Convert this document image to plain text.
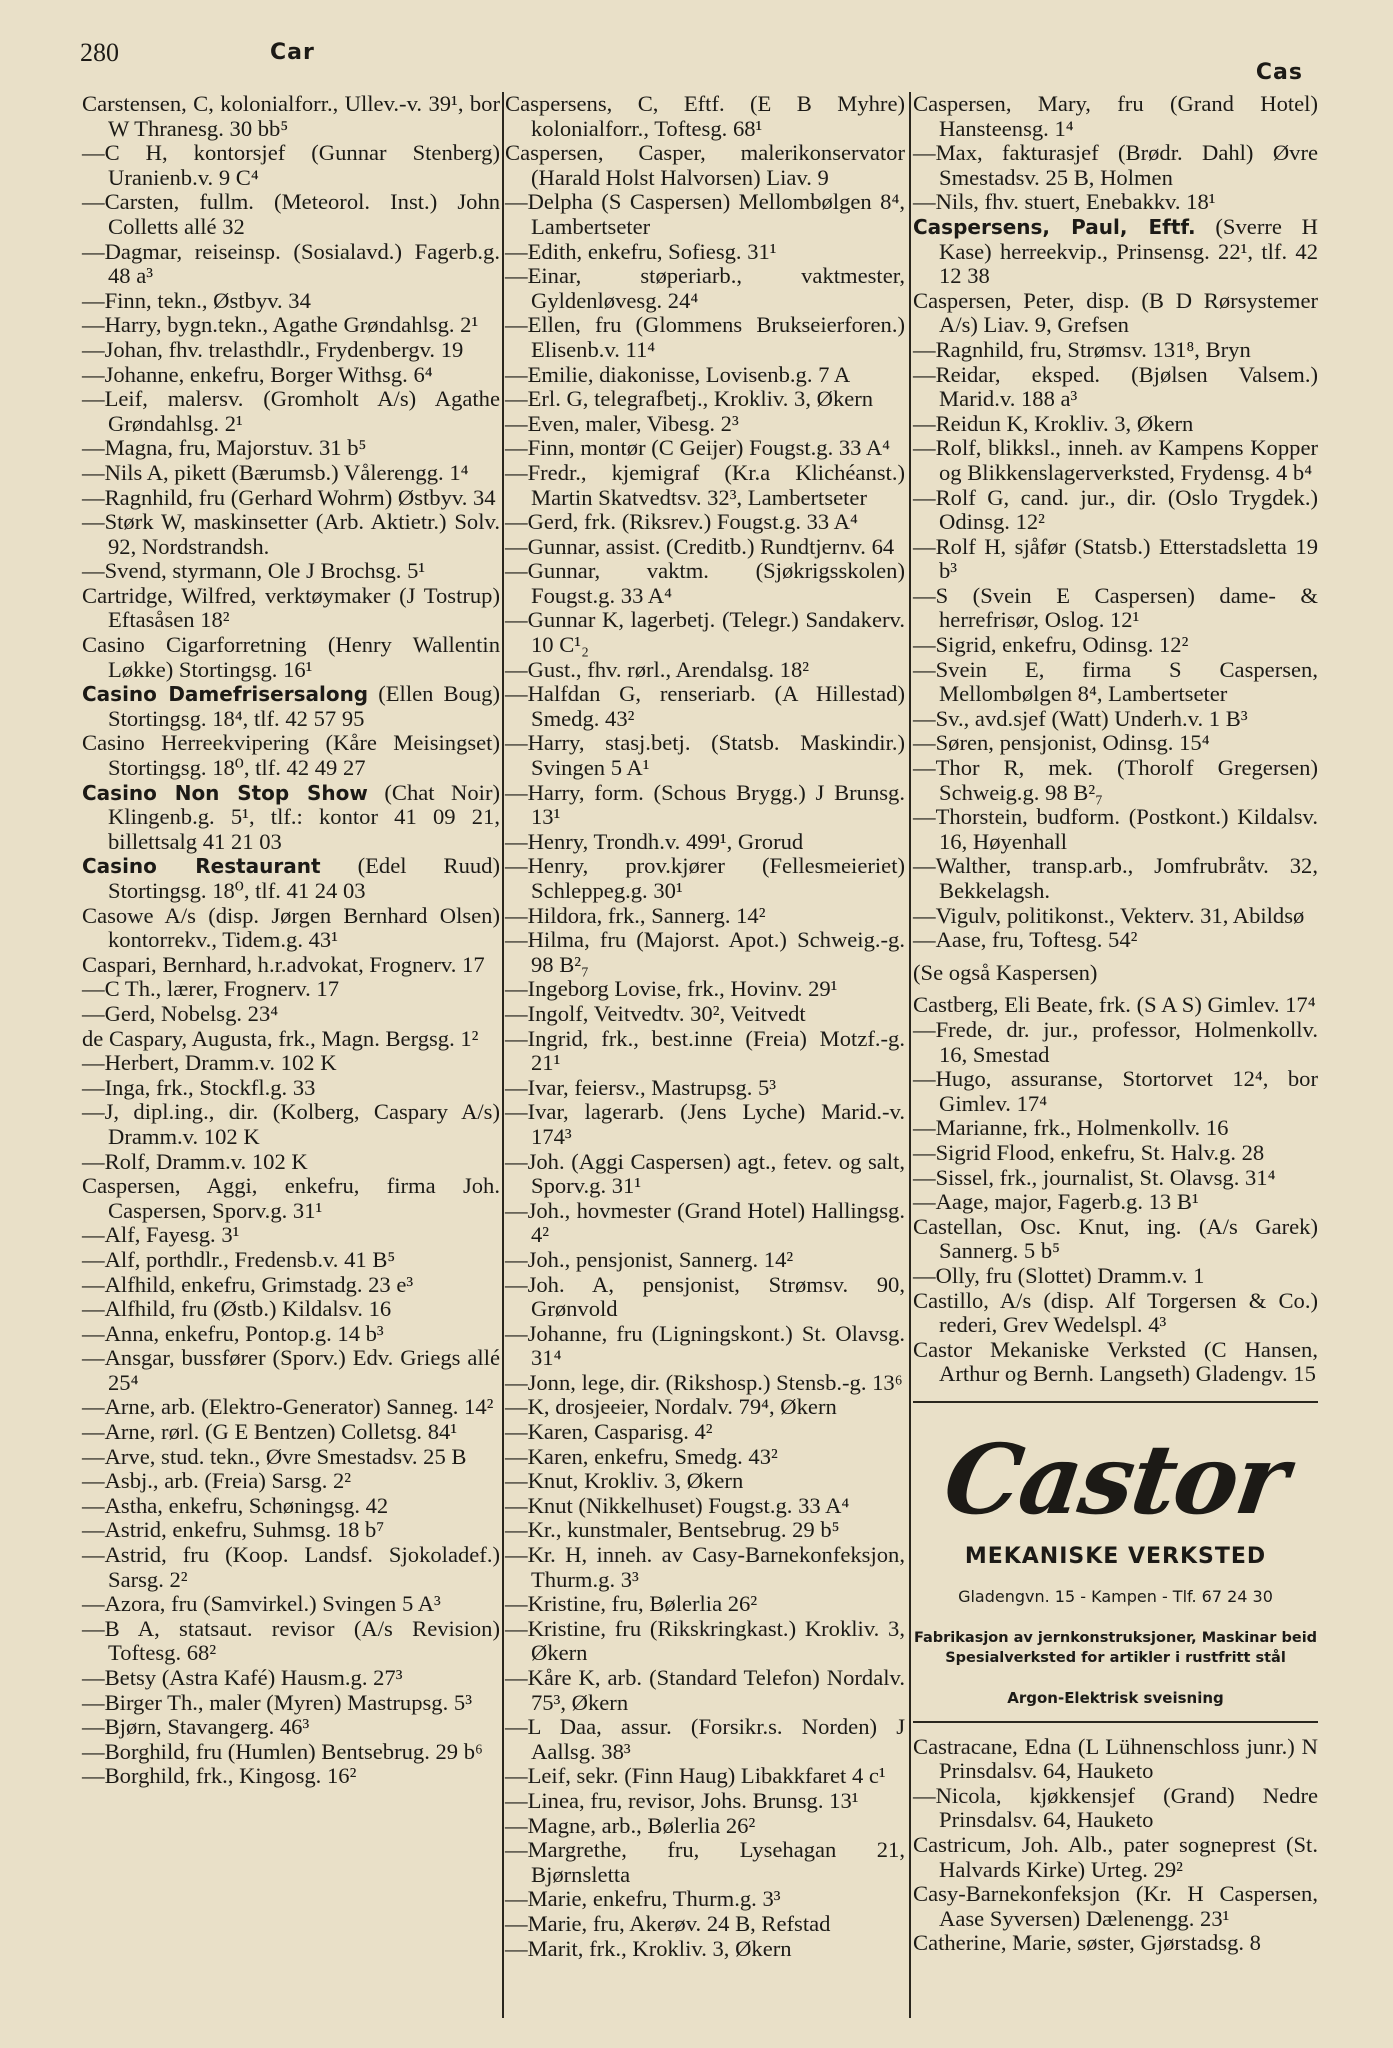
280	Car
Cas

Carstensen, C, kolonialforr., Ullev.-v. 39¹, bor W Thranesg. 30 bb⁵

—C H, kontorsjef (Gunnar Stenberg) Uranienb.v. 9 C⁴

—Carsten, fullm. (Meteorol. Inst.) John Colletts allé 32

—Dagmar, reiseinsp. (Sosialavd.) Fagerb.g. 48 a³

—Finn, tekn., Østbyv. 34

—Harry, bygn.tekn., Agathe Grøndahlsg. 2¹

—Johan, fhv. trelasthdlr., Frydenbergv. 19

—Johanne, enkefru, Borger Withsg. 6⁴

—Leif, malersv. (Gromholt A/s) Agathe Grøndahlsg. 2¹

—Magna, fru, Majorstuv. 31 b⁵

—Nils A, pikett (Bærumsb.) Vålerengg. 1⁴

—Ragnhild, fru (Gerhard Wohrm) Østbyv. 34

—Størk W, maskinsetter (Arb. Aktietr.) Solv. 92, Nordstrandsh.

—Svend, styrmann, Ole J Brochsg. 5¹

Cartridge, Wilfred, verktøymaker (J Tostrup) Eftasåsen 18²

Casino Cigarforretning (Henry Wallentin Løkke) Stortingsg. 16¹

Casino Damefrisersalong (Ellen Boug) Stortingsg. 18⁴, tlf. 42 57 95

Casino Herreekvipering (Kåre Meisingset) Stortingsg. 18⁰, tlf. 42 49 27

Casino Non Stop Show (Chat Noir) Klingenb.g. 5¹, tlf.: kontor 41 09 21, billettsalg 41 21 03

Casino Restaurant (Edel Ruud) Stortingsg. 18⁰, tlf. 41 24 03

Casowe A/s (disp. Jørgen Bernhard Olsen) kontorrekv., Tidem.g. 43¹

Caspari, Bernhard, h.r.advokat, Frognerv. 17

—C Th., lærer, Frognerv. 17

—Gerd, Nobelsg. 23⁴

de Caspary, Augusta, frk., Magn. Bergsg. 1²

—Herbert, Dramm.v. 102 K

—Inga, frk., Stockfl.g. 33

—J, dipl.ing., dir. (Kolberg, Caspary A/s) Dramm.v. 102 K

—Rolf, Dramm.v. 102 K

Caspersen, Aggi, enkefru, firma Joh. Caspersen, Sporv.g. 31¹

—Alf, Fayesg. 3¹

—Alf, porthdlr., Fredensb.v. 41 B⁵

—Alfhild, enkefru, Grimstadg. 23 e³

—Alfhild, fru (Østb.) Kildalsv. 16

—Anna, enkefru, Pontop.g. 14 b³

—Ansgar, bussfører (Sporv.) Edv. Griegs allé 25⁴

—Arne, arb. (Elektro-Generator) Sanneg. 14²

—Arne, rørl. (G E Bentzen) Colletsg. 84¹

—Arve, stud. tekn., Øvre Smestadsv. 25 B

—Asbj., arb. (Freia) Sarsg. 2²

—Astha, enkefru, Schøningsg. 42

—Astrid, enkefru, Suhmsg. 18 b⁷

—Astrid, fru (Koop. Landsf. Sjokoladef.) Sarsg. 2²

—Azora, fru (Samvirkel.) Svingen 5 A³

—B A, statsaut. revisor (A/s Revision) Toftesg. 68²

—Betsy (Astra Kafé) Hausm.g. 27³

—Birger Th., maler (Myren) Mastrupsg. 5³

—Bjørn, Stavangerg. 46³

—Borghild, fru (Humlen) Bentsebrug. 29 b⁶

—Borghild, frk., Kingosg. 16²

Caspersens, C, Eftf. (E B Myhre) kolonialforr., Toftesg. 68¹

Caspersen, Casper, malerikonservator (Harald Holst Halvorsen) Liav. 9

—Delpha (S Caspersen) Mellombølgen 8⁴, Lambertseter

—Edith, enkefru, Sofiesg. 31¹

—Einar, støperiarb., vaktmester, Gyldenløvesg. 24⁴

—Ellen, fru (Glommens Brukseierforen.) Elisenb.v. 11⁴

—Emilie, diakonisse, Lovisenb.g. 7 A

—Erl. G, telegrafbetj., Krokliv. 3, Økern

—Even, maler, Vibesg. 2³

—Finn, montør (C Geijer) Fougst.g. 33 A⁴

—Fredr., kjemigraf (Kr.a Klichéanst.) Martin Skatvedtsv. 32³, Lambertseter

—Gerd, frk. (Riksrev.) Fougst.g. 33 A⁴

—Gunnar, assist. (Creditb.) Rundtjernv. 64

—Gunnar, vaktm. (Sjøkrigsskolen) Fougst.g. 33 A⁴

—Gunnar K, lagerbetj. (Telegr.) Sandakerv. 10 C¹₂

—Gust., fhv. rørl., Arendalsg. 18²

—Halfdan G, renseriarb. (A Hillestad) Smedg. 43²

—Harry, stasj.betj. (Statsb. Maskindir.) Svingen 5 A¹

—Harry, form. (Schous Brygg.) J Brunsg. 13¹

—Henry, Trondh.v. 499¹, Grorud

—Henry, prov.kjører (Fellesmeieriet) Schleppeg.g. 30¹

—Hildora, frk., Sannerg. 14²

—Hilma, fru (Majorst. Apot.) Schweig.-g. 98 B²₇

—Ingeborg Lovise, frk., Hovinv. 29¹

—Ingolf, Veitvedtv. 30², Veitvedt

—Ingrid, frk., best.inne (Freia) Motzf.-g. 21¹

—Ivar, feiersv., Mastrupsg. 5³

—Ivar, lagerarb. (Jens Lyche) Marid.-v. 174³

—Joh. (Aggi Caspersen) agt., fetev. og salt, Sporv.g. 31¹

—Joh., hovmester (Grand Hotel) Hallingsg. 4²

—Joh., pensjonist, Sannerg. 14²

—Joh. A, pensjonist, Strømsv. 90, Grønvold

—Johanne, fru (Ligningskont.) St. Olavsg. 31⁴

—Jonn, lege, dir. (Rikshosp.) Stensb.-g. 13⁶

—K, drosjeeier, Nordalv. 79⁴, Økern

—Karen, Casparisg. 4²

—Karen, enkefru, Smedg. 43²

—Knut, Krokliv. 3, Økern

—Knut (Nikkelhuset) Fougst.g. 33 A⁴

—Kr., kunstmaler, Bentsebrug. 29 b⁵

—Kr. H, inneh. av Casy-Barnekonfeksjon, Thurm.g. 3³

—Kristine, fru, Bølerlia 26²

—Kristine, fru (Rikskringkast.) Krokliv. 3, Økern

—Kåre K, arb. (Standard Telefon) Nordalv. 75³, Økern

—L Daa, assur. (Forsikr.s. Norden) J Aallsg. 38³

—Leif, sekr. (Finn Haug) Libakkfaret 4 c¹

—Linea, fru, revisor, Johs. Brunsg. 13¹

—Magne, arb., Bølerlia 26²

—Margrethe, fru, Lysehagan 21, Bjørnsletta

—Marie, enkefru, Thurm.g. 3³

—Marie, fru, Akerøv. 24 B, Refstad

—Marit, frk., Krokliv. 3, Økern

Caspersen, Mary, fru (Grand Hotel) Hansteensg. 1⁴

—Max, fakturasjef (Brødr. Dahl) Øvre Smestadsv. 25 B, Holmen

—Nils, fhv. stuert, Enebakkv. 18¹

Caspersens, Paul, Eftf. (Sverre H Kase) herreekvip., Prinsensg. 22¹, tlf. 42 12 38

Caspersen, Peter, disp. (B D Rørsystemer A/s) Liav. 9, Grefsen

—Ragnhild, fru, Strømsv. 131⁸, Bryn

—Reidar, eksped. (Bjølsen Valsem.) Marid.v. 188 a³

—Reidun K, Krokliv. 3, Økern

—Rolf, blikksl., inneh. av Kampens Kopper og Blikkenslagerverksted, Frydensg. 4 b⁴

—Rolf G, cand. jur., dir. (Oslo Trygdek.) Odinsg. 12²

—Rolf H, sjåfør (Statsb.) Etterstadsletta 19 b³

—S (Svein E Caspersen) dame- & herrefrisør, Oslog. 12¹

—Sigrid, enkefru, Odinsg. 12²

—Svein E, firma S Caspersen, Mellombølgen 8⁴, Lambertseter

—Sv., avd.sjef (Watt) Underh.v. 1 B³

—Søren, pensjonist, Odinsg. 15⁴

—Thor R, mek. (Thorolf Gregersen) Schweig.g. 98 B²₇

—Thorstein, budform. (Postkont.) Kildalsv. 16, Høyenhall

—Walther, transp.arb., Jomfrubråtv. 32, Bekkelagsh.

—Vigulv, politikonst., Vekterv. 31, Abildsø

—Aase, fru, Toftesg. 54²

(Se også Kaspersen)

Castberg, Eli Beate, frk. (S A S) Gimlev. 17⁴

—Frede, dr. jur., professor, Holmenkollv. 16, Smestad

—Hugo, assuranse, Stortorvet 12⁴, bor Gimlev. 17⁴

—Marianne, frk., Holmenkollv. 16

—Sigrid Flood, enkefru, St. Halv.g. 28

—Sissel, frk., journalist, St. Olavsg. 31⁴

—Aage, major, Fagerb.g. 13 B¹

Castellan, Osc. Knut, ing. (A/s Garek) Sannerg. 5 b⁵

—Olly, fru (Slottet) Dramm.v. 1

Castillo, A/s (disp. Alf Torgersen & Co.) rederi, Grev Wedelspl. 4³

Castor Mekaniske Verksted (C Hansen, Arthur og Bernh. Langseth) Gladengv. 15

Castor
MEKANISKE VERKSTED
Gladengvn. 15 - Kampen - Tlf. 67 24 30
Fabrikasjon av jernkonstruksjoner, Maskinar beid
Spesialverksted for artikler i rustfritt stål
Argon-Elektrisk sveisning

Castracane, Edna (L Lühnenschloss junr.) N Prinsdalsv. 64, Hauketo

—Nicola, kjøkkensjef (Grand) Nedre Prinsdalsv. 64, Hauketo

Castricum, Joh. Alb., pater sogneprest (St. Halvards Kirke) Urteg. 29²

Casy-Barnekonfeksjon (Kr. H Caspersen, Aase Syversen) Dælenengg. 23¹

Catherine, Marie, søster, Gjørstadsg. 8
